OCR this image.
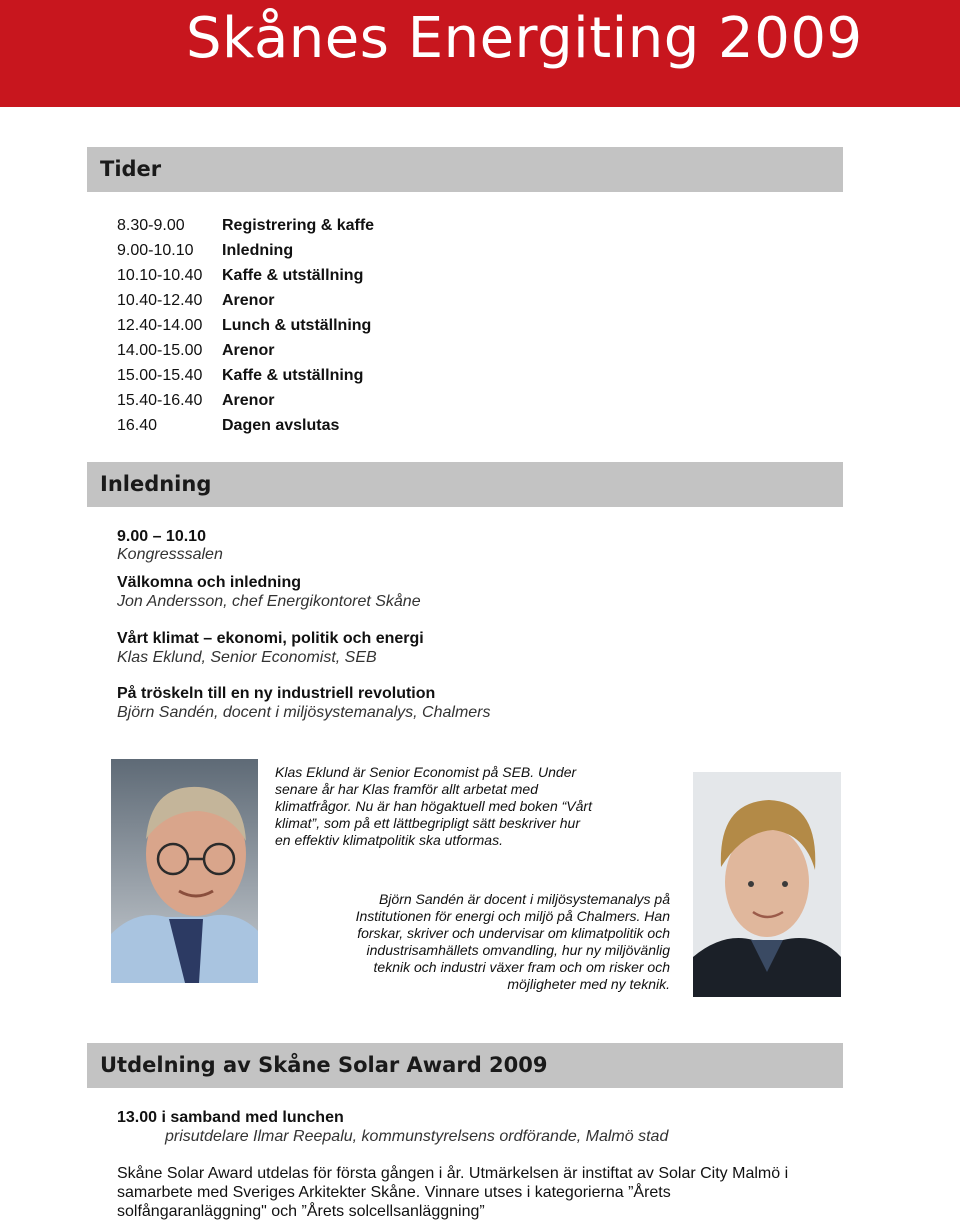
Skånes Energiting 2009
Tider
8.30-9.00 Registrering & kaffe
9.00-10.10 Inledning
10.10-10.40 Kaffe & utställning
10.40-12.40 Arenor
12.40-14.00 Lunch & utställning
14.00-15.00 Arenor
15.00-15.40 Kaffe & utställning
15.40-16.40 Arenor
16.40	Dagen avslutas
Inledning
9.00 – 10.10
Kongresssalen
Välkomna och inledning
Jon Andersson, chef Energikontoret Skåne
Vårt klimat – ekonomi, politik och energi
Klas Eklund, Senior Economist, SEB
På tröskeln till en ny industriell revolution
Björn Sandén, docent i miljösystemanalys, Chalmers
Klas Eklund är Senior Economist på SEB. Under
senare år har Klas framför allt arbetat med
klimatfrågor. Nu är han högaktuell med boken “Vårt
klimat”, som på ett lättbegripligt sätt beskriver hur
en effektiv klimatpolitik ska utformas.
Björn Sandén är docent i miljösystemanalys på
Institutionen för energi och miljö på Chalmers. Han
forskar, skriver och undervisar om klimatpolitik och
industrisamhällets omvandling, hur ny miljövänlig
teknik och industri växer fram och om risker och
möjligheter med ny teknik.
Utdelning av Skåne Solar Award 2009
13.00 i samband med lunchen
prisutdelare Ilmar Reepalu, kommunstyrelsens ordförande, Malmö stad
Skåne Solar Award utdelas för första gången i år. Utmärkelsen är instiftat av Solar City Malmö i
samarbete med Sveriges Arkitekter Skåne. Vinnare utses i kategorierna ”Årets
solfångaranläggning" och ”Årets solcellsanläggning”
